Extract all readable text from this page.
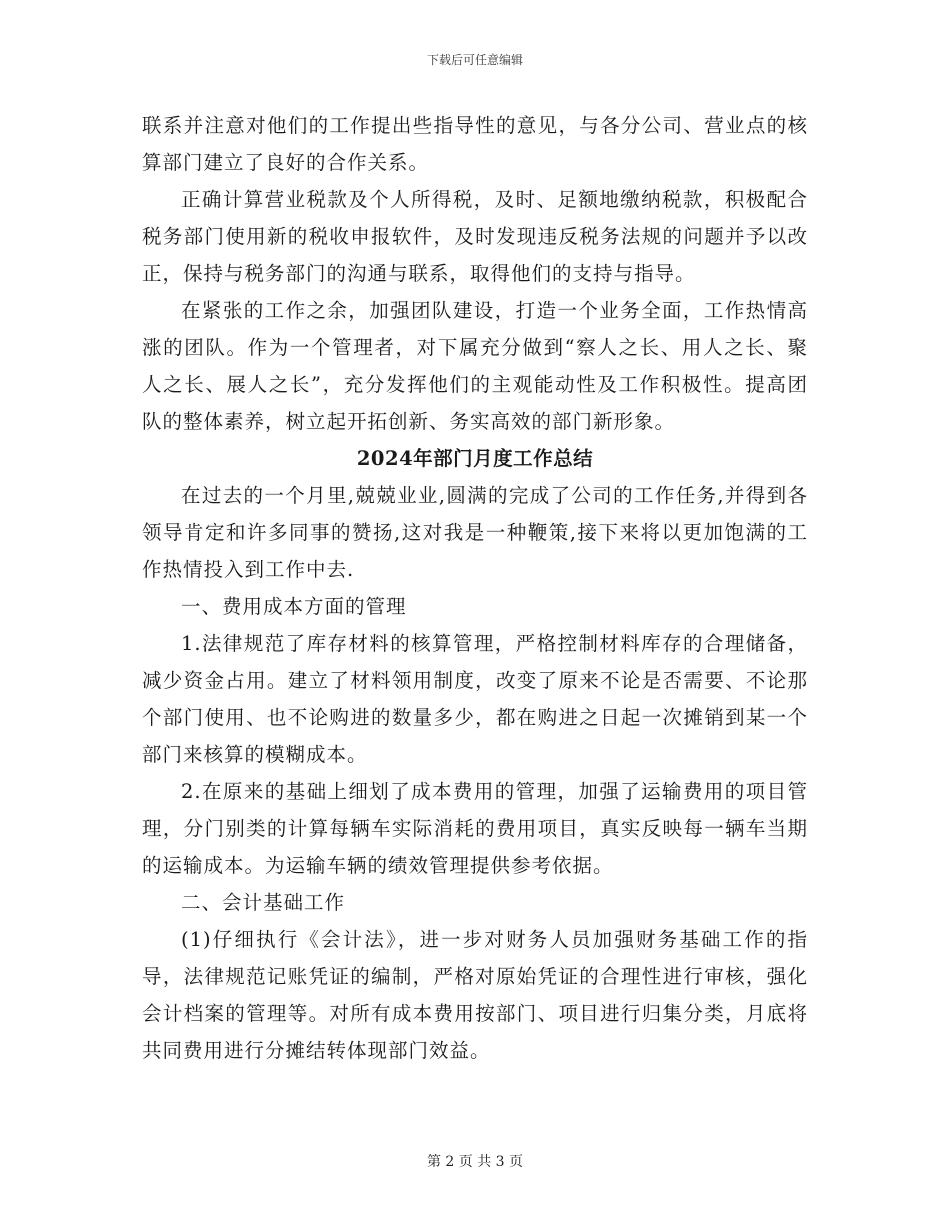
下载后可任意编辑

联系并注意对他们的工作提出些指导性的意见，与各分公司、营业点的核算部门建立了良好的合作关系。

正确计算营业税款及个人所得税，及时、足额地缴纳税款，积极配合税务部门使用新的税收申报软件，及时发现违反税务法规的问题并予以改正，保持与税务部门的沟通与联系，取得他们的支持与指导。

在紧张的工作之余，加强团队建设，打造一个业务全面，工作热情高涨的团队。作为一个管理者，对下属充分做到“察人之长、用人之长、聚人之长、展人之长”，充分发挥他们的主观能动性及工作积极性。提高团队的整体素养，树立起开拓创新、务实高效的部门新形象。

2024年部门月度工作总结

在过去的一个月里,兢兢业业,圆满的完成了公司的工作任务,并得到各领导肯定和许多同事的赞扬,这对我是一种鞭策,接下来将以更加饱满的工作热情投入到工作中去.

一、费用成本方面的管理

1.法律规范了库存材料的核算管理，严格控制材料库存的合理储备，减少资金占用。建立了材料领用制度，改变了原来不论是否需要、不论那个部门使用、也不论购进的数量多少，都在购进之日起一次摊销到某一个部门来核算的模糊成本。

2.在原来的基础上细划了成本费用的管理，加强了运输费用的项目管理，分门别类的计算每辆车实际消耗的费用项目，真实反映每一辆车当期的运输成本。为运输车辆的绩效管理提供参考依据。

二、会计基础工作

(1)仔细执行《会计法》，进一步对财务人员加强财务基础工作的指导，法律规范记账凭证的编制，严格对原始凭证的合理性进行审核，强化会计档案的管理等。对所有成本费用按部门、项目进行归集分类，月底将共同费用进行分摊结转体现部门效益。

第 2 页 共 3 页
